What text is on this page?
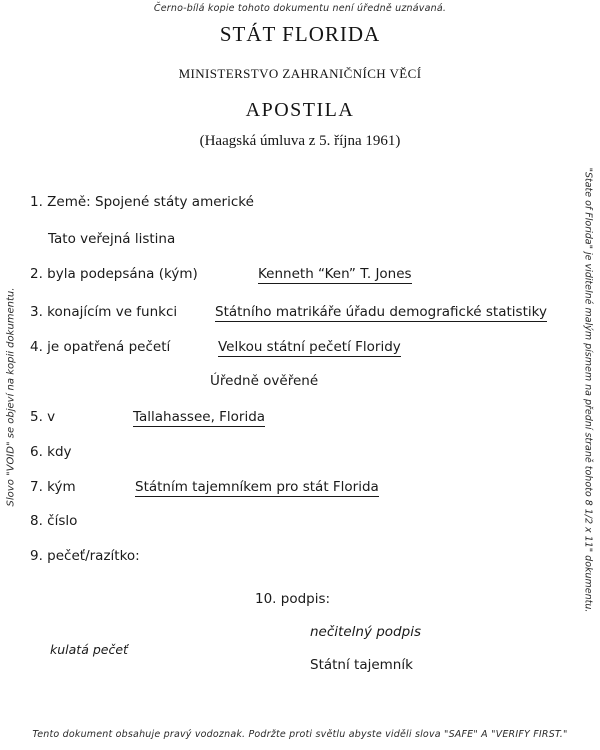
Černo-bílá kopie tohoto dokumentu není úředně uznávaná.
STÁT FLORIDA
MINISTERSTVO ZAHRANIČNÍCH VĚCÍ
APOSTILA
(Haagská úmluva z 5. října 1961)
1. Země: Spojené státy americké
Tato veřejná listina
2. byla podepsána (kým)	Kenneth “Ken” T. Jones
3. konajícím ve funkci	Státního matrikáře úřadu demografické statistiky
4. je opatřená pečetí	Velkou státní pečetí Floridy
Úředně ověřené
5. v	Tallahassee, Florida
6. kdy
7. kým	Státním tajemníkem pro stát Florida
8. číslo
9. pečeť/razítko:
10. podpis:
nečitelný podpis
kulatá pečeť
Státní tajemník
Slovo "VOID" se objeví na kopii dokumentu.	"State of Florida" je viditelné malým písmem na přední straně tohoto 8 1/2 x 11" dokumentu.
Tento dokument obsahuje pravý vodoznak. Podržte proti světlu abyste viděli slova "SAFE" A "VERIFY FIRST."
